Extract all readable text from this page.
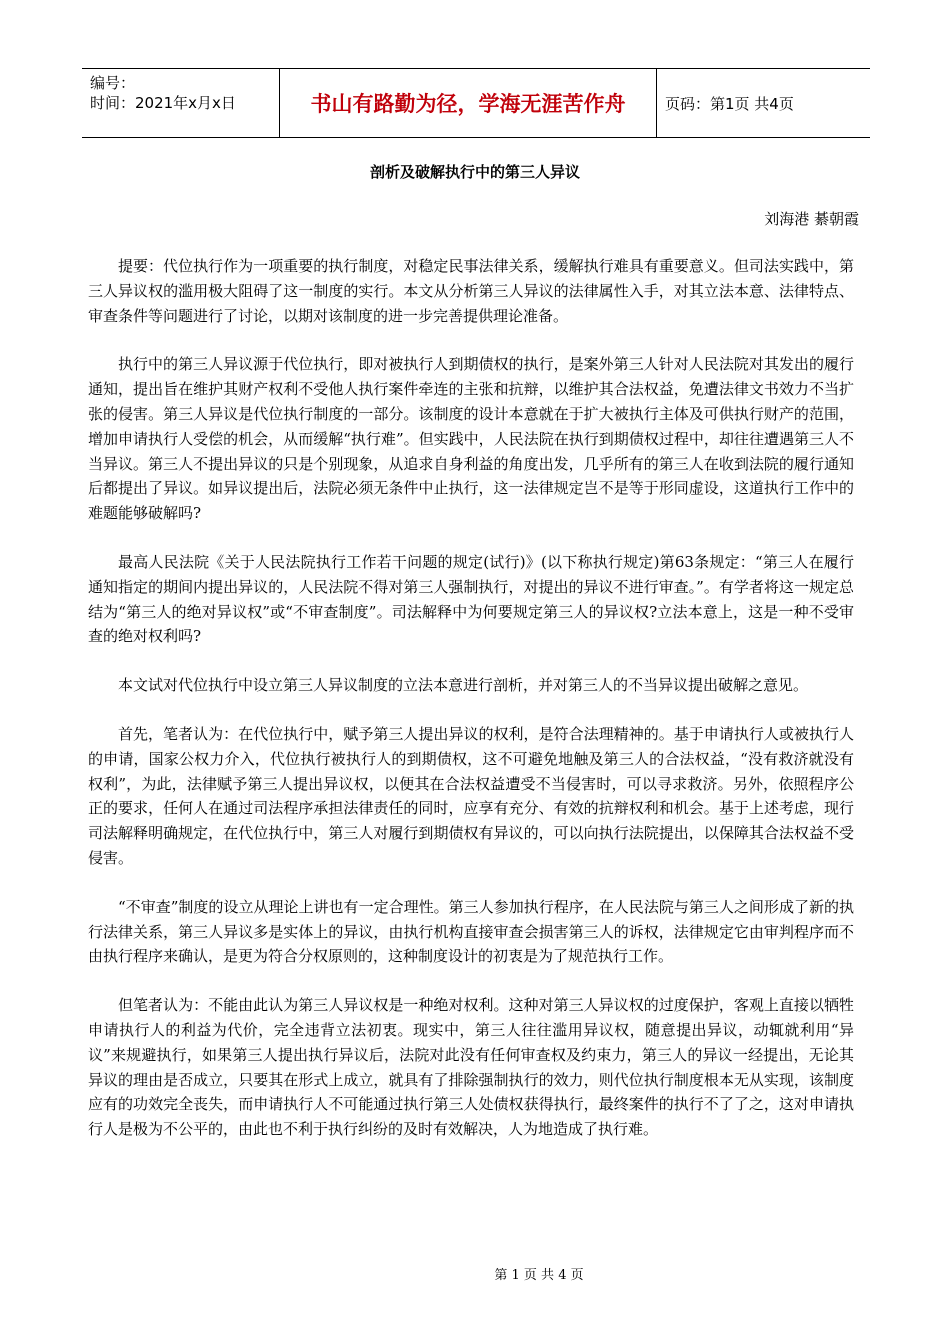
编号：
时间：2021年x月x日	书山有路勤为径，学海无涯苦作舟	页码：第1页 共4页
剖析及破解执行中的第三人异议
刘海港 綦朝霞

提要：代位执行作为一项重要的执行制度，对稳定民事法律关系，缓解执行难具有重要意义。但司法实践中，第三人异议权的滥用极大阻碍了这一制度的实行。本文从分析第三人异议的法律属性入手，对其立法本意、法律特点、审查条件等问题进行了讨论，以期对该制度的进一步完善提供理论准备。

执行中的第三人异议源于代位执行，即对被执行人到期债权的执行，是案外第三人针对人民法院对其发出的履行通知，提出旨在维护其财产权利不受他人执行案件牵连的主张和抗辩，以维护其合法权益，免遭法律文书效力不当扩张的侵害。第三人异议是代位执行制度的一部分。该制度的设计本意就在于扩大被执行主体及可供执行财产的范围，增加申请执行人受偿的机会，从而缓解“执行难”。但实践中，人民法院在执行到期债权过程中，却往往遭遇第三人不当异议。第三人不提出异议的只是个别现象，从追求自身利益的角度出发，几乎所有的第三人在收到法院的履行通知后都提出了异议。如异议提出后，法院必须无条件中止执行，这一法律规定岂不是等于形同虚设，这道执行工作中的难题能够破解吗?

最高人民法院《关于人民法院执行工作若干问题的规定(试行)》(以下称执行规定)第63条规定：“第三人在履行通知指定的期间内提出异议的，人民法院不得对第三人强制执行，对提出的异议不进行审查。”。有学者将这一规定总结为“第三人的绝对异议权”或“不审查制度”。司法解释中为何要规定第三人的异议权?立法本意上，这是一种不受审查的绝对权利吗?

本文试对代位执行中设立第三人异议制度的立法本意进行剖析，并对第三人的不当异议提出破解之意见。

首先，笔者认为：在代位执行中，赋予第三人提出异议的权利，是符合法理精神的。基于申请执行人或被执行人的申请，国家公权力介入，代位执行被执行人的到期债权，这不可避免地触及第三人的合法权益，“没有救济就没有权利”，为此，法律赋予第三人提出异议权，以便其在合法权益遭受不当侵害时，可以寻求救济。另外，依照程序公正的要求，任何人在通过司法程序承担法律责任的同时，应享有充分、有效的抗辩权利和机会。基于上述考虑，现行司法解释明确规定，在代位执行中，第三人对履行到期债权有异议的，可以向执行法院提出，以保障其合法权益不受侵害。

“不审查”制度的设立从理论上讲也有一定合理性。第三人参加执行程序，在人民法院与第三人之间形成了新的执行法律关系，第三人异议多是实体上的异议，由执行机构直接审查会损害第三人的诉权，法律规定它由审判程序而不由执行程序来确认，是更为符合分权原则的，这种制度设计的初衷是为了规范执行工作。

但笔者认为：不能由此认为第三人异议权是一种绝对权利。这种对第三人异议权的过度保护，客观上直接以牺牲申请执行人的利益为代价，完全违背立法初衷。现实中，第三人往往滥用异议权，随意提出异议，动辄就利用“异议”来规避执行，如果第三人提出执行异议后，法院对此没有任何审查权及约束力，第三人的异议一经提出，无论其异议的理由是否成立，只要其在形式上成立，就具有了排除强制执行的效力，则代位执行制度根本无从实现，该制度应有的功效完全丧失，而申请执行人不可能通过执行第三人处债权获得执行，最终案件的执行不了了之，这对申请执行人是极为不公平的，由此也不利于执行纠纷的及时有效解决，人为地造成了执行难。

第 1 页 共 4 页
